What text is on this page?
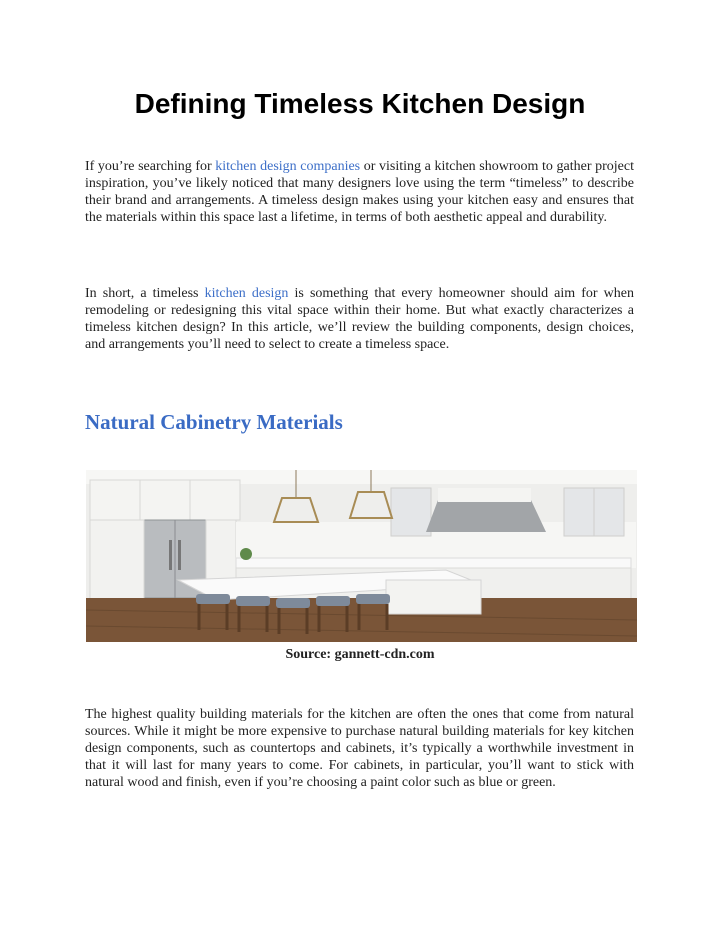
Defining Timeless Kitchen Design

If you’re searching for kitchen design companies or visiting a kitchen showroom to gather project inspiration, you’ve likely noticed that many designers love using the term “timeless” to describe their brand and arrangements. A timeless design makes using your kitchen easy and ensures that the materials within this space last a lifetime, in terms of both aesthetic appeal and durability.

In short, a timeless kitchen design is something that every homeowner should aim for when remodeling or redesigning this vital space within their home. But what exactly characterizes a timeless kitchen design? In this article, we’ll review the building components, design choices, and arrangements you’ll need to select to create a timeless space.

Natural Cabinetry Materials
Source: gannett-cdn.com

The highest quality building materials for the kitchen are often the ones that come from natural sources. While it might be more expensive to purchase natural building materials for key kitchen design components, such as countertops and cabinets, it’s typically a worthwhile investment in that it will last for many years to come. For cabinets, in particular, you’ll want to stick with natural wood and finish, even if you’re choosing a paint color such as blue or green.
